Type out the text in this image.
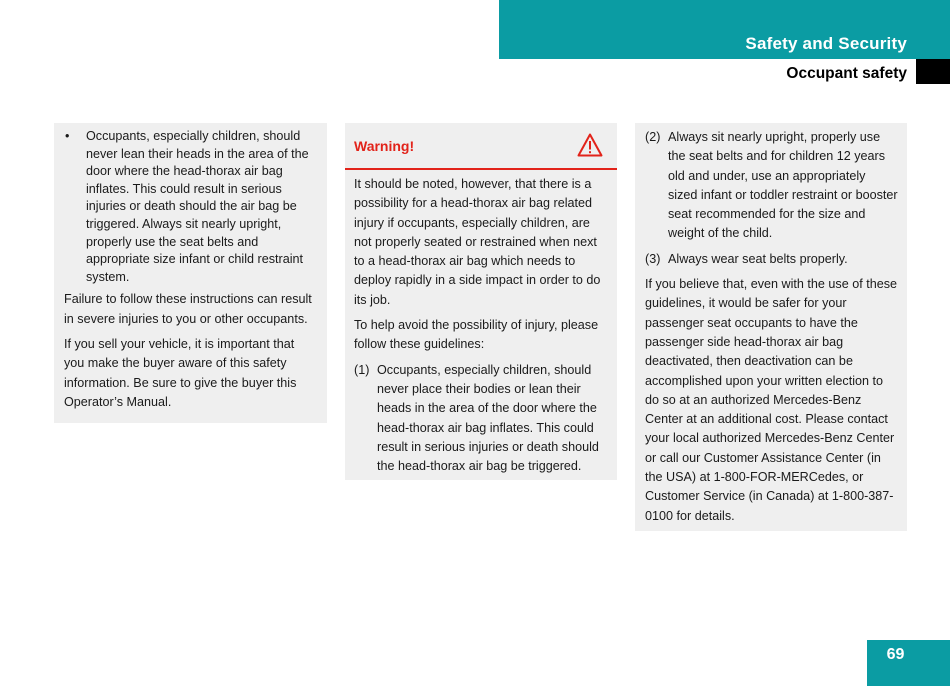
Safety and Security
Occupant safety
•	Occupants, especially children, should never lean their heads in the area of the door where the head-thorax air bag inflates. This could result in serious injuries or death should the air bag be triggered. Always sit nearly upright, properly use the seat belts and appropriate size infant or child restraint system.

Failure to follow these instructions can result in severe injuries to you or other occupants.

If you sell your vehicle, it is important that you make the buyer aware of this safety information. Be sure to give the buyer this Operator’s Manual.

Warning!

It should be noted, however, that there is a possibility for a head-thorax air bag related injury if occupants, especially children, are not properly seated or restrained when next to a head-thorax air bag which needs to deploy rapidly in a side impact in order to do its job.

To help avoid the possibility of injury, please follow these guidelines:

(1) Occupants, especially children, should never place their bodies or lean their heads in the area of the door where the head-thorax air bag inflates. This could result in serious injuries or death should the head-thorax air bag be triggered.
(2) Always sit nearly upright, properly use the seat belts and for children 12 years old and under, use an appropriately sized infant or toddler restraint or booster seat recommended for the size and weight of the child.
(3) Always wear seat belts properly.

If you believe that, even with the use of these guidelines, it would be safer for your passenger seat occupants to have the passenger side head-thorax air bag deactivated, then deactivation can be accomplished upon your written election to do so at an authorized Mercedes-Benz Center at an additional cost. Please contact your local authorized Mercedes-Benz Center or call our Customer Assistance Center (in the USA) at 1-800-FOR-MERCedes, or Customer Service (in Canada) at 1-800-387-0100 for details.

69
